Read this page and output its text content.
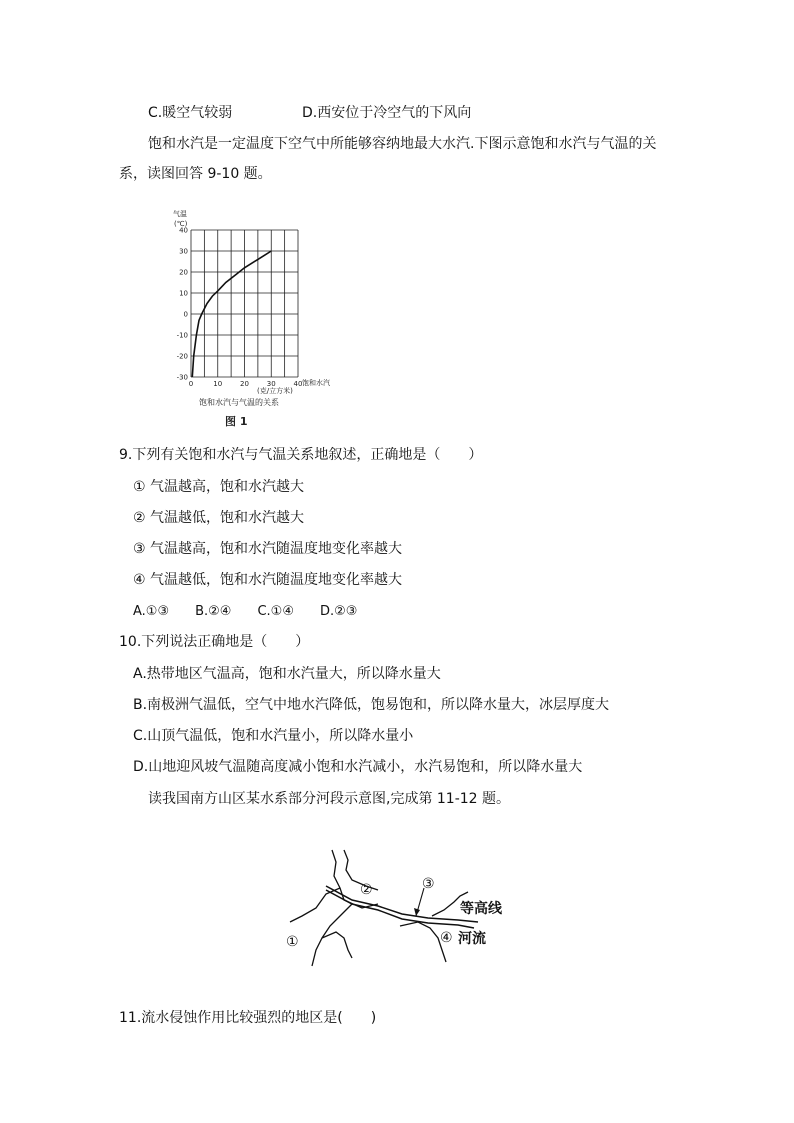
C.暖空气较弱	D.西安位于冷空气的下风向
饱和水汽是一定温度下空气中所能够容纳地最大水汽.下图示意饱和水汽与气温的关
系，读图回答 9-10 题。
40
30
20
10
0
-10
-20
-30
0	10	20	30	40
气温
(℃)
饱和水汽
(克/立方米)
饱和水汽与气温的关系
图 1
9.下列有关饱和水汽与气温关系地叙述，正确地是（　　）
① 气温越高，饱和水汽越大
② 气温越低，饱和水汽越大
③ 气温越高，饱和水汽随温度地变化率越大
④ 气温越低，饱和水汽随温度地变化率越大
A.①③　　B.②④　　C.①④　　D.②③
10.下列说法正确地是（　　）
A.热带地区气温高，饱和水汽量大，所以降水量大
B.南极洲气温低，空气中地水汽降低，饱易饱和，所以降水量大，冰层厚度大
C.山顶气温低，饱和水汽量小，所以降水量小
D.山地迎风坡气温随高度减小饱和水汽减小，水汽易饱和，所以降水量大
读我国南方山区某水系部分河段示意图,完成第 11-12 题。
②	③
①	④
等高线
河流
11.流水侵蚀作用比较强烈的地区是(　　)
